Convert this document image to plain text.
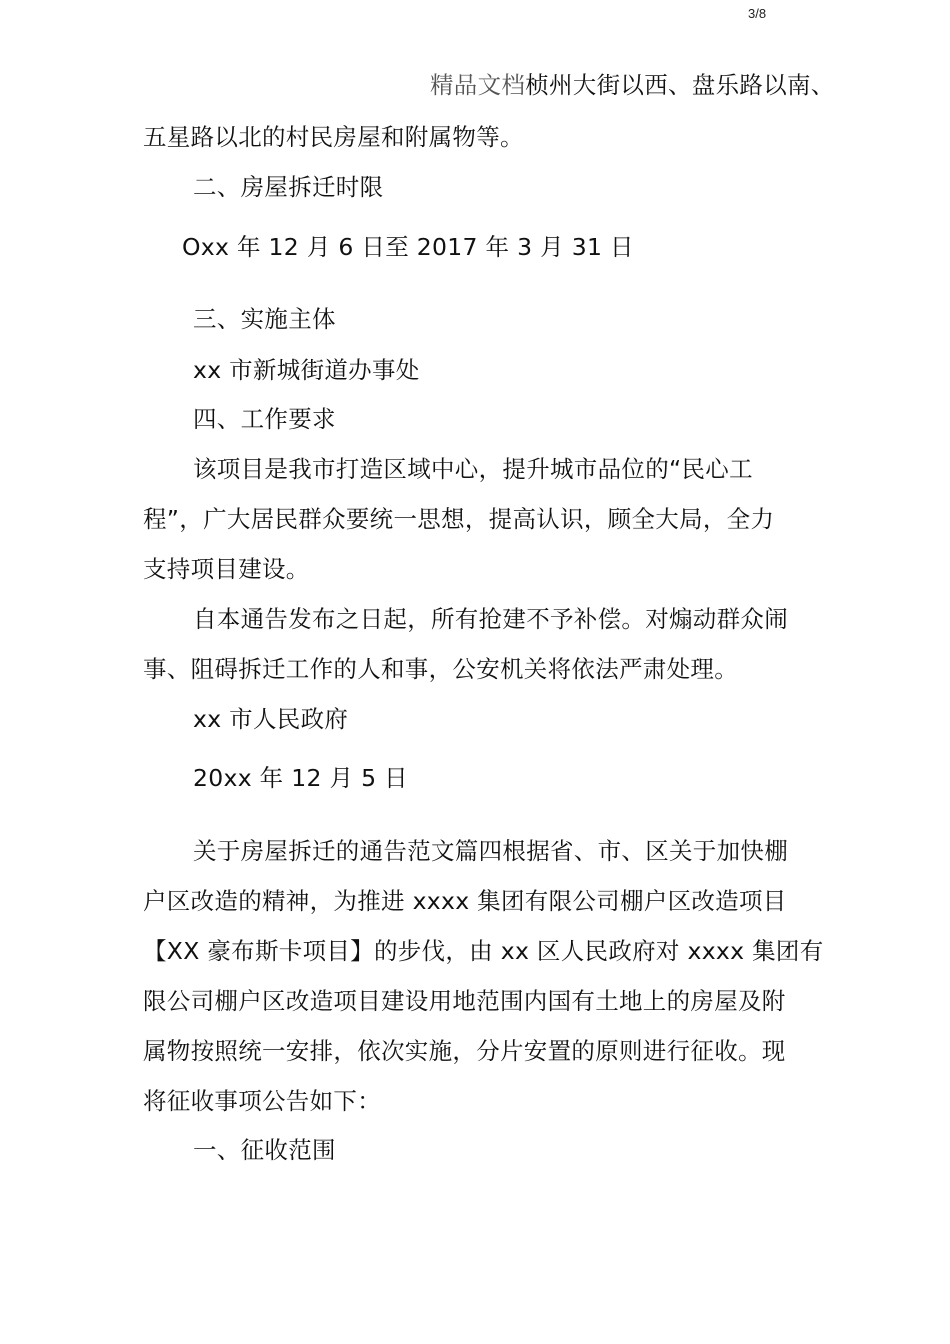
3/8
精品文档桢州大街以西、盘乐路以南、
五星路以北的村民房屋和附属物等。
二、房屋拆迁时限
Oxx 年 12 月 6 日至 2017 年 3 月 31 日
三、实施主体
xx 市新城街道办事处
四、工作要求
该项目是我市打造区域中心，提升城市品位的“民心工
程”，广大居民群众要统一思想，提高认识，顾全大局，全力
支持项目建设。
自本通告发布之日起，所有抢建不予补偿。对煽动群众闹
事、阻碍拆迁工作的人和事，公安机关将依法严肃处理。
xx 市人民政府
20xx 年 12 月 5 日
关于房屋拆迁的通告范文篇四根据省、市、区关于加快棚
户区改造的精神，为推进 xxxx 集团有限公司棚户区改造项目
【XX 豪布斯卡项目】的步伐，由 xx 区人民政府对 xxxx 集团有
限公司棚户区改造项目建设用地范围内国有土地上的房屋及附
属物按照统一安排，依次实施，分片安置的原则进行征收。现
将征收事项公告如下：
一、征收范围
